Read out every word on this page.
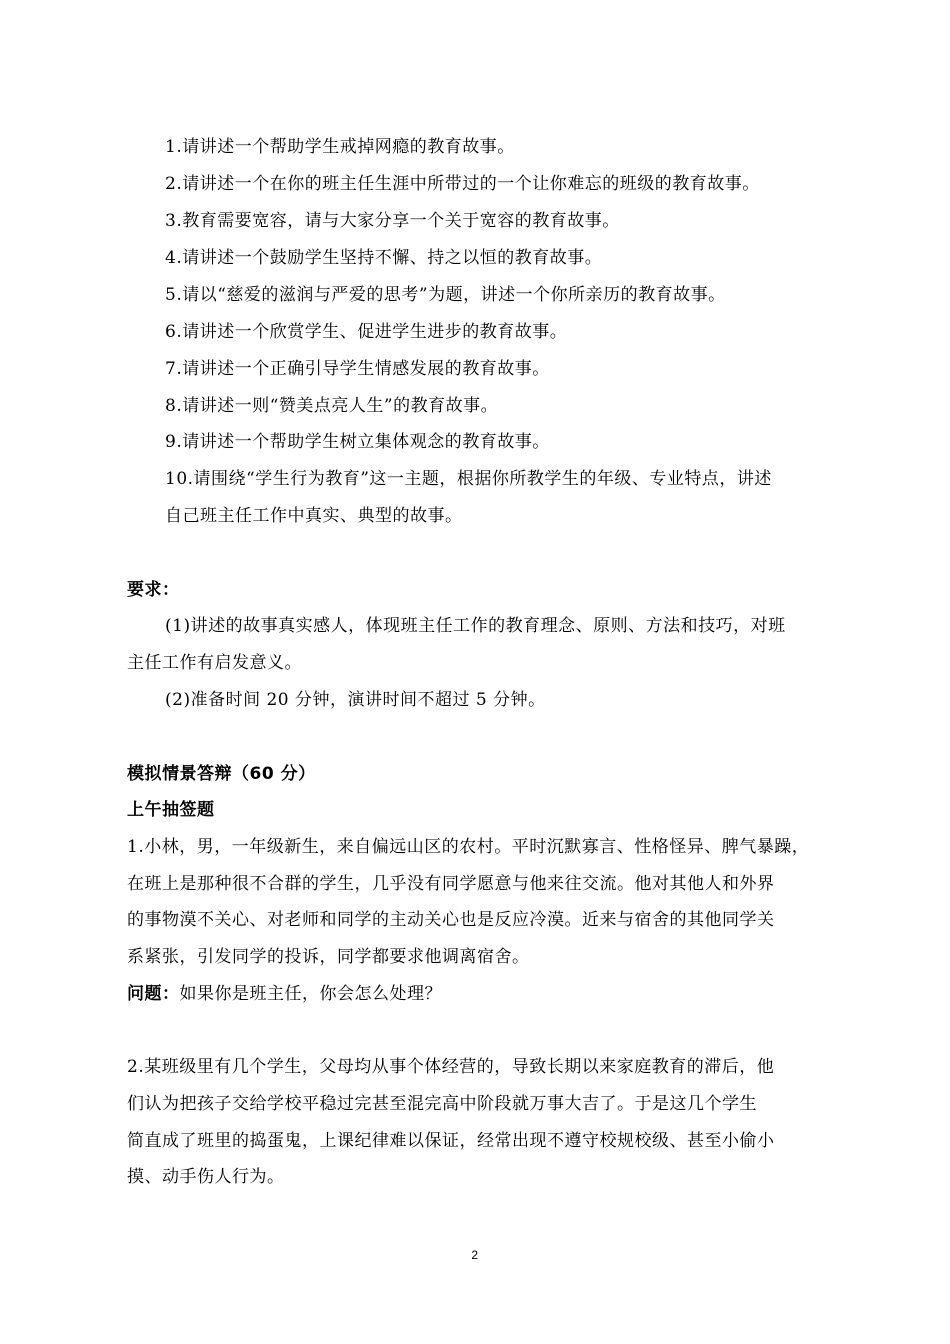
1.请讲述一个帮助学生戒掉网瘾的教育故事。
2.请讲述一个在你的班主任生涯中所带过的一个让你难忘的班级的教育故事。
3.教育需要宽容，请与大家分享一个关于宽容的教育故事。
4.请讲述一个鼓励学生坚持不懈、持之以恒的教育故事。
5.请以“慈爱的滋润与严爱的思考”为题，讲述一个你所亲历的教育故事。
6.请讲述一个欣赏学生、促进学生进步的教育故事。
7.请讲述一个正确引导学生情感发展的教育故事。
8.请讲述一则“赞美点亮人生”的教育故事。
9.请讲述一个帮助学生树立集体观念的教育故事。
10.请围绕“学生行为教育”这一主题，根据你所教学生的年级、专业特点，讲述
自己班主任工作中真实、典型的故事。
要求：
(1)讲述的故事真实感人，体现班主任工作的教育理念、原则、方法和技巧，对班
主任工作有启发意义。
(2)准备时间 20 分钟，演讲时间不超过 5 分钟。
模拟情景答辩（60 分）
上午抽签题
1.小林，男，一年级新生，来自偏远山区的农村。平时沉默寡言、性格怪异、脾气暴躁，
在班上是那种很不合群的学生，几乎没有同学愿意与他来往交流。他对其他人和外界
的事物漠不关心、对老师和同学的主动关心也是反应冷漠。近来与宿舍的其他同学关
系紧张，引发同学的投诉，同学都要求他调离宿舍。
问题：如果你是班主任，你会怎么处理？
2.某班级里有几个学生，父母均从事个体经营的，导致长期以来家庭教育的滞后，他
们认为把孩子交给学校平稳过完甚至混完高中阶段就万事大吉了。于是这几个学生
简直成了班里的捣蛋鬼，上课纪律难以保证，经常出现不遵守校规校级、甚至小偷小
摸、动手伤人行为。
2
